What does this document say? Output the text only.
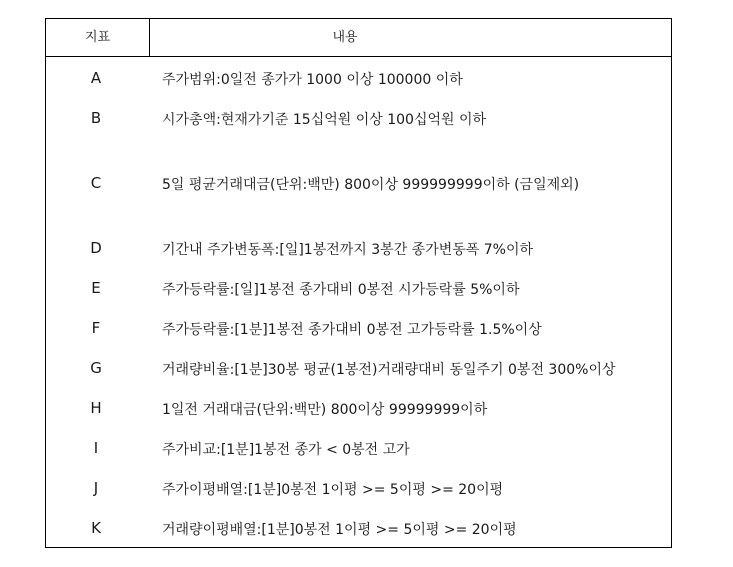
지표	내용
A	주가범위:0일전 종가가 1000 이상 100000 이하
B	시가총액:현재가기준 15십억원 이상 100십억원 이하
C	5일 평균거래대금(단위:백만) 800이상 999999999이하 (금일제외)
D	기간내 주가변동폭:[일]1봉전까지 3봉간 종가변동폭 7%이하
E	주가등락률:[일]1봉전 종가대비 0봉전 시가등락률 5%이하
F	주가등락률:[1분]1봉전 종가대비 0봉전 고가등락률 1.5%이상
G	거래량비율:[1분]30봉 평균(1봉전)거래량대비 동일주기 0봉전 300%이상
H	1일전 거래대금(단위:백만) 800이상 99999999이하
I	주가비교:[1분]1봉전 종가 < 0봉전 고가
J	주가이평배열:[1분]0봉전 1이평 >= 5이평 >= 20이평
K	거래량이평배열:[1분]0봉전 1이평 >= 5이평 >= 20이평
